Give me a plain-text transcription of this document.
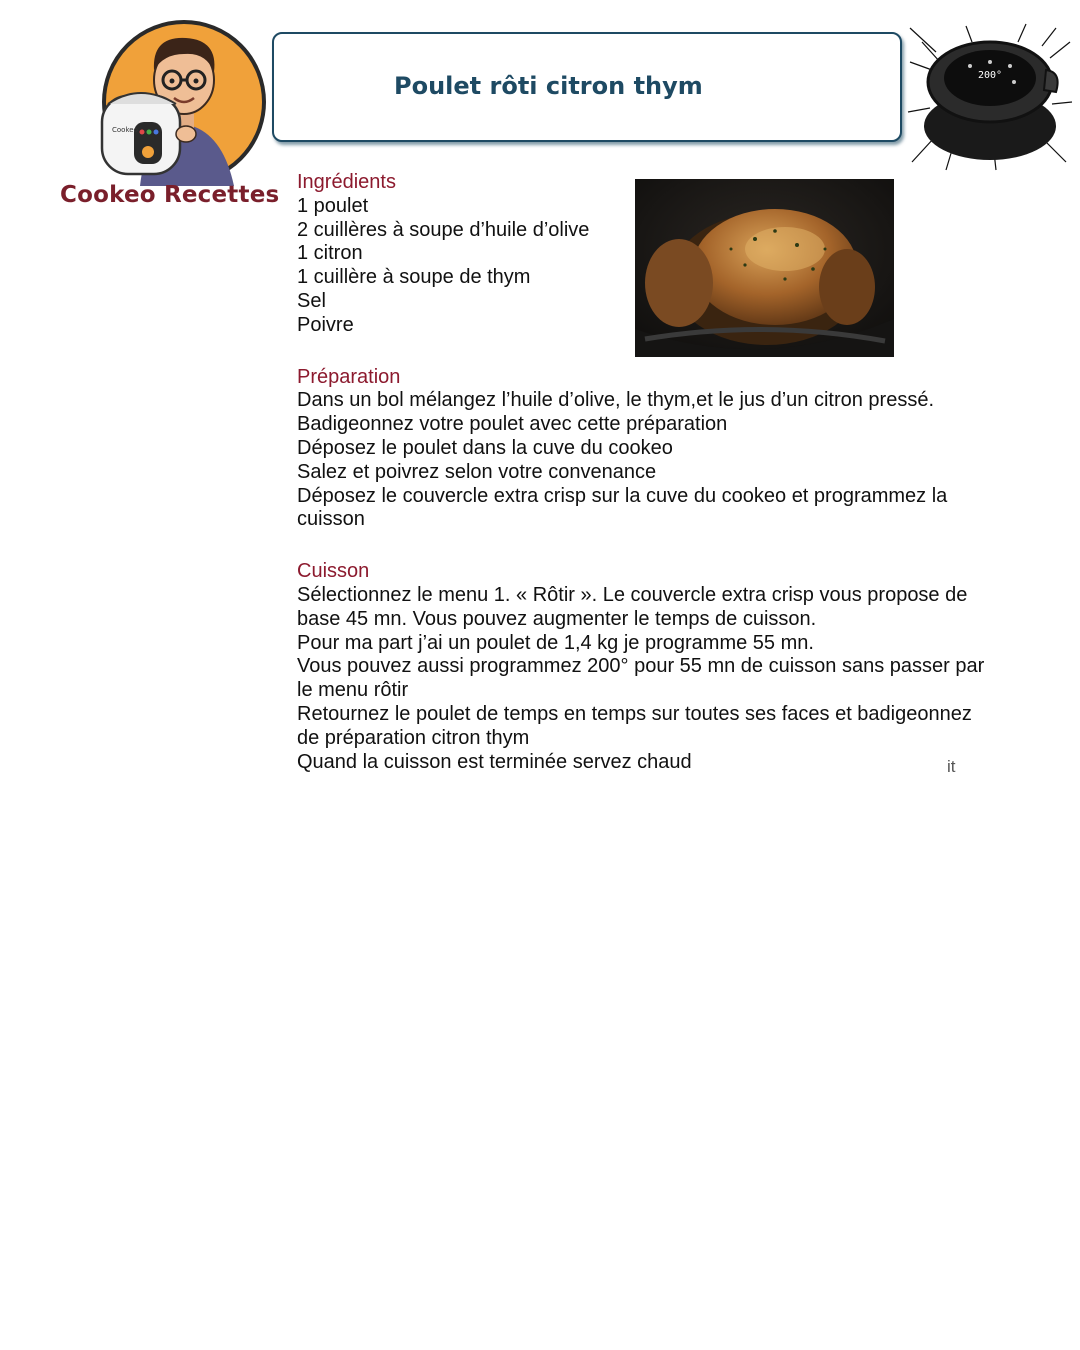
Cookeo
Cookeo Recettes
Poulet rôti citron thym	200°
Ingrédients
1 poulet
2 cuillères à soupe d’huile d’olive
1 citron
1 cuillère à soupe de thym
Sel
Poivre
Préparation
Dans un bol mélangez l’huile d’olive, le thym,et le jus d’un citron pressé.
Badigeonnez votre poulet avec cette préparation
Déposez le poulet dans la cuve du cookeo
Salez et poivrez selon votre convenance
Déposez le couvercle extra crisp sur la cuve du cookeo et programmez la cuisson
Cuisson
Sélectionnez le menu 1. « Rôtir ». Le couvercle extra crisp vous propose de base 45 mn. Vous pouvez augmenter le temps de cuisson.
Pour ma part j’ai un poulet de 1,4 kg je programme 55 mn.
Vous pouvez aussi programmez 200° pour 55 mn de cuisson sans passer par le menu rôtir
Retournez le poulet de temps en temps sur toutes ses faces et badigeonnez de préparation citron thym
Quand la cuisson est terminée servez chaud	it
